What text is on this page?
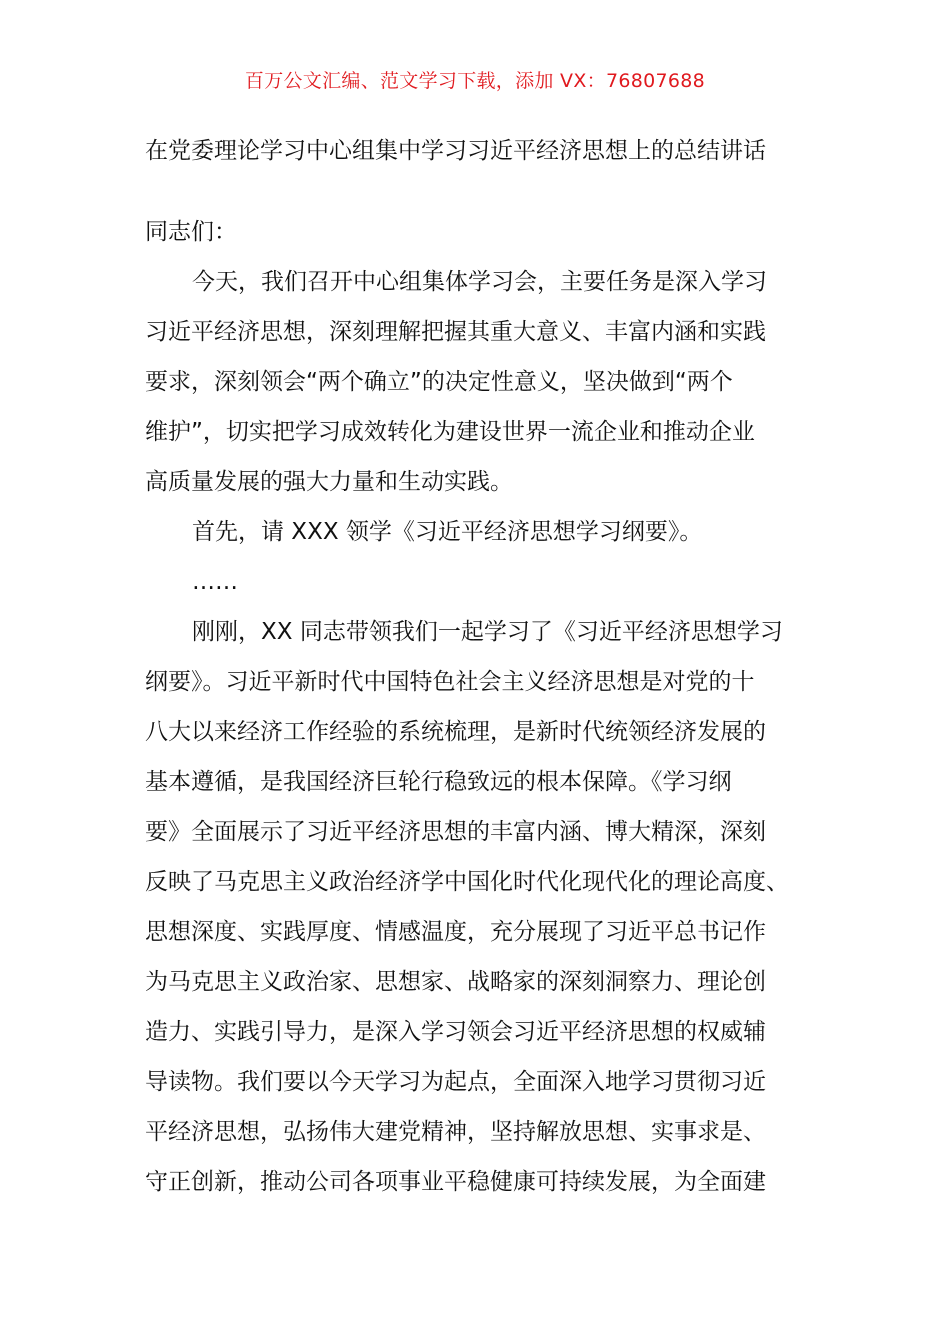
百万公文汇编、范文学习下载，添加 VX：76807688
在党委理论学习中心组集中学习习近平经济思想上的总结讲话
同志们：
今天，我们召开中心组集体学习会，主要任务是深入学习
习近平经济思想，深刻理解把握其重大意义、丰富内涵和实践
要求，深刻领会“两个确立”的决定性意义，坚决做到“两个
维护”，切实把学习成效转化为建设世界一流企业和推动企业
高质量发展的强大力量和生动实践。
首先，请 XXX 领学《习近平经济思想学习纲要》。
……
刚刚，XX 同志带领我们一起学习了《习近平经济思想学习
纲要》。习近平新时代中国特色社会主义经济思想是对党的十
八大以来经济工作经验的系统梳理，是新时代统领经济发展的
基本遵循，是我国经济巨轮行稳致远的根本保障。《学习纲
要》全面展示了习近平经济思想的丰富内涵、博大精深，深刻
反映了马克思主义政治经济学中国化时代化现代化的理论高度、
思想深度、实践厚度、情感温度，充分展现了习近平总书记作
为马克思主义政治家、思想家、战略家的深刻洞察力、理论创
造力、实践引导力，是深入学习领会习近平经济思想的权威辅
导读物。我们要以今天学习为起点，全面深入地学习贯彻习近
平经济思想，弘扬伟大建党精神，坚持解放思想、实事求是、
守正创新，推动公司各项事业平稳健康可持续发展，为全面建
